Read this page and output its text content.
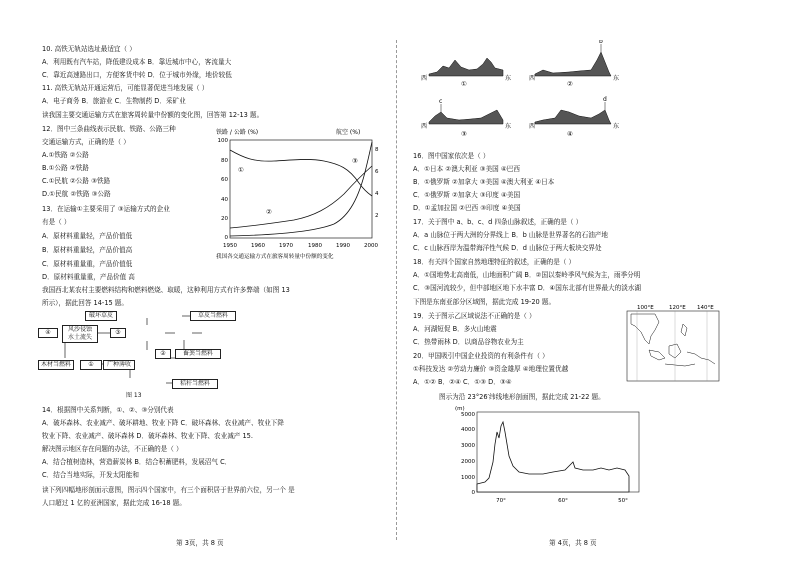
10. 高铁无轨站选址最适宜（ ）
A．利用既有汽车站，降低建设成本 B．靠近城市中心，客流量大
C．靠近高速路出口，方便客货中转 D．位于城市外缘，地价较低
11. 高铁无轨站开通运营后，可能显著促进当地发展（ ）
A．电子商务 B．旅游业 C．生物制药 D．采矿业
读我国主要交通运输方式在旅客周转量中份额的变化图，回答第 12-13 题。
12．图中三条曲线表示民航、铁路、公路三种
交通运输方式，正确的是（ ）
A.①铁路 ②公路
B.①公路 ②铁路
C.①民航 ②公路 ③铁路
D.①民航 ②铁路 ③公路
13．在运输①主要采用了 ③运输方式的企业
有是（ ）
A．原材料重量轻，产品价值低
B．原材料重量轻，产品价值高
C．原材料重量重，产品价值低
D．原材料重量重，产品价值 高
铁路 / 公路 (%)	航空 (%)
100
80
60
40
20
0
8
6
4
2
1950	1960	1970	1980	1990	2000
①
②
③
我国各交通运输方式在旅客周转量中份额的变化
我国西北某农村主要燃料结构和燃料燃烧、取暖，这种利用方式有许多弊端（如图 13
所示），据此回答 14-15 题。
破坏草皮	草皮当燃料
风沙侵蚀
水土流失
③
④
木材当燃料	①
②	畜粪当燃料
广种薄收
秸秆当燃料
图 13
14．根据图中关系判断，①、②、③分别代表
A．破坏森林、农业减产、破坏耕地、牧业下降 C．破坏森林、农业减产、牧业下降
牧业下降、农业减产、破坏森林 D．破坏森林、牧业下降、农业减产 15.
解决图示地区存在问题的办法，不正确的是（ ）
A．结合植树造林，营造薪炭林 B．结合积蓄肥料，发展沼气 C．
C．结合当地实际，开发太阳能和
读下列四幅地形剖面示意图，图示四个国家中，有三个面积居于世界前六位，另一个 是
人口超过 1 亿的亚洲国家，据此完成 16-18 题。
第 3页，共 8 页
西	东
①
b
西	东
②
c
西	东
③
d
西	东
④
16．图中国家依次是（ ）
A．①日本 ②澳大利亚 ③美国 ④巴西
B．①俄罗斯 ②加拿大 ③美国 ④澳大利亚 ④日本
C．①俄罗斯 ②加拿大 ③印度 ④美国
D．①孟加拉国 ②巴西 ③印度 ④美国
17．关于图中 a、b、c、d 四条山脉叙述，正确的是（ ）
A．a 山脉位于两大洲的分界线上 B．b 山脉是世界著名的石油产地
C．c 山脉西岸为温带海洋性气候 D．d 山脉位于两大板块交界处
18．有关四个国家自然地理特征的叙述，正确的是（ ）
A．①国地势北高南低，山地面积广阔 B．②国以秦岭季风气候为主，雨季分明
C．③国河流较少，但中部地区地下水丰富 D．④国东北部有世界最大的淡水湖
下图是东南亚部分区域图，据此完成 19-20 题。
19．关于图示乙区域说法不正确的是（ ）
A．河湖短促 B．多火山地震
C．热带雨林 D．以商品谷物农业为主
20．甲国吸引中国企业投资的有利条件有（ ）
①科技发达 ②劳动力廉价 ③资金雄厚 ④地理位置优越
A．①② B．②④ C．①③ D．③④
图示为沿 23°26′纬线地形剖面图，据此完成 21-22 题。
100°E	120°E 140°E
(m)
5000
4000
3000
2000
1000
0
70°	60°	50°
第 4页，共 8 页
